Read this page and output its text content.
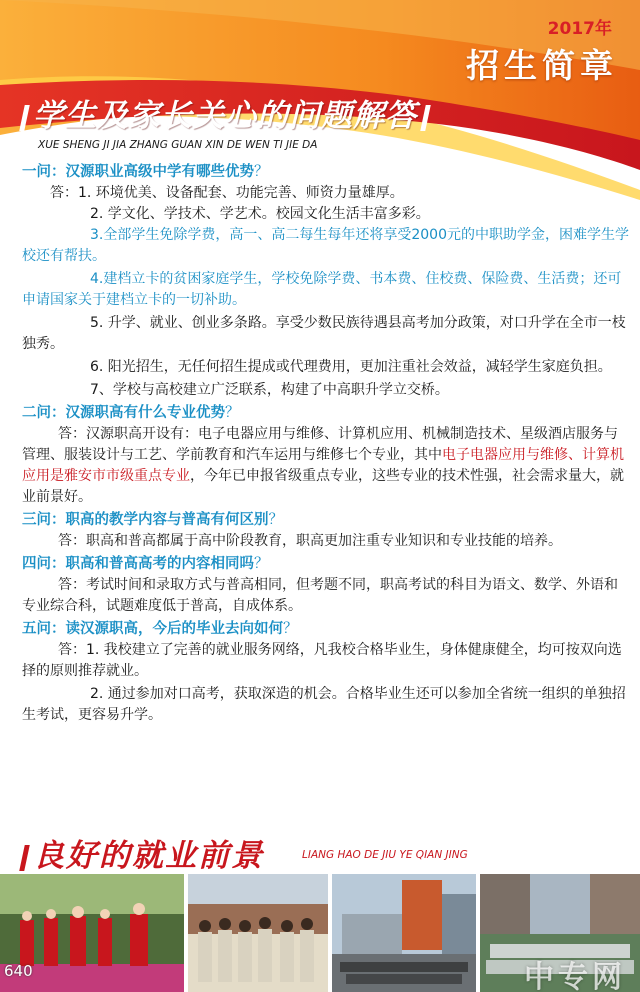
2017年
招生简章
学生及家长关心的问题解答
XUE SHENG JI JIA ZHANG GUAN XIN DE WEN TI JIE DA
一问：汉源职业高级中学有哪些优势？
答：1. 环境优美、设备配套、功能完善、师资力量雄厚。
2. 学文化、学技术、学艺术。校园文化生活丰富多彩。
3.全部学生免除学费，高一、高二每生每年还将享受2000元的中职助学金，困难学生学校还有帮扶。
4.建档立卡的贫困家庭学生，学校免除学费、书本费、住校费、保险费、生活费；还可申请国家关于建档立卡的一切补助。
5. 升学、就业、创业多条路。享受少数民族待遇县高考加分政策，对口升学在全市一枝独秀。
6. 阳光招生，无任何招生提成或代理费用，更加注重社会效益，减轻学生家庭负担。
7、学校与高校建立广泛联系，构建了中高职升学立交桥。
二问：汉源职高有什么专业优势？
答：汉源职高开设有：电子电器应用与维修、计算机应用、机械制造技术、星级酒店服务与管理、服装设计与工艺、学前教育和汽车运用与维修七个专业，其中电子电器应用与维修、计算机应用是雅安市市级重点专业，今年已申报省级重点专业，这些专业的技术性强，社会需求量大，就业前景好。
三问：职高的教学内容与普高有何区别？
答：职高和普高都属于高中阶段教育，职高更加注重专业知识和专业技能的培养。
四问：职高和普高高考的内容相同吗？
答：考试时间和录取方式与普高相同，但考题不同，职高考试的科目为语文、数学、外语和专业综合科，试题难度低于普高，自成体系。
五问：读汉源职高，今后的毕业去向如何？
答：1. 我校建立了完善的就业服务网络，凡我校合格毕业生，身体健康健全，均可按双向选择的原则推荐就业。
2. 通过参加对口高考，获取深造的机会。合格毕业生还可以参加全省统一组织的单独招生考试，更容易升学。
良好的就业前景	LIANG HAO DE JIU YE QIAN JING
640	中专网
